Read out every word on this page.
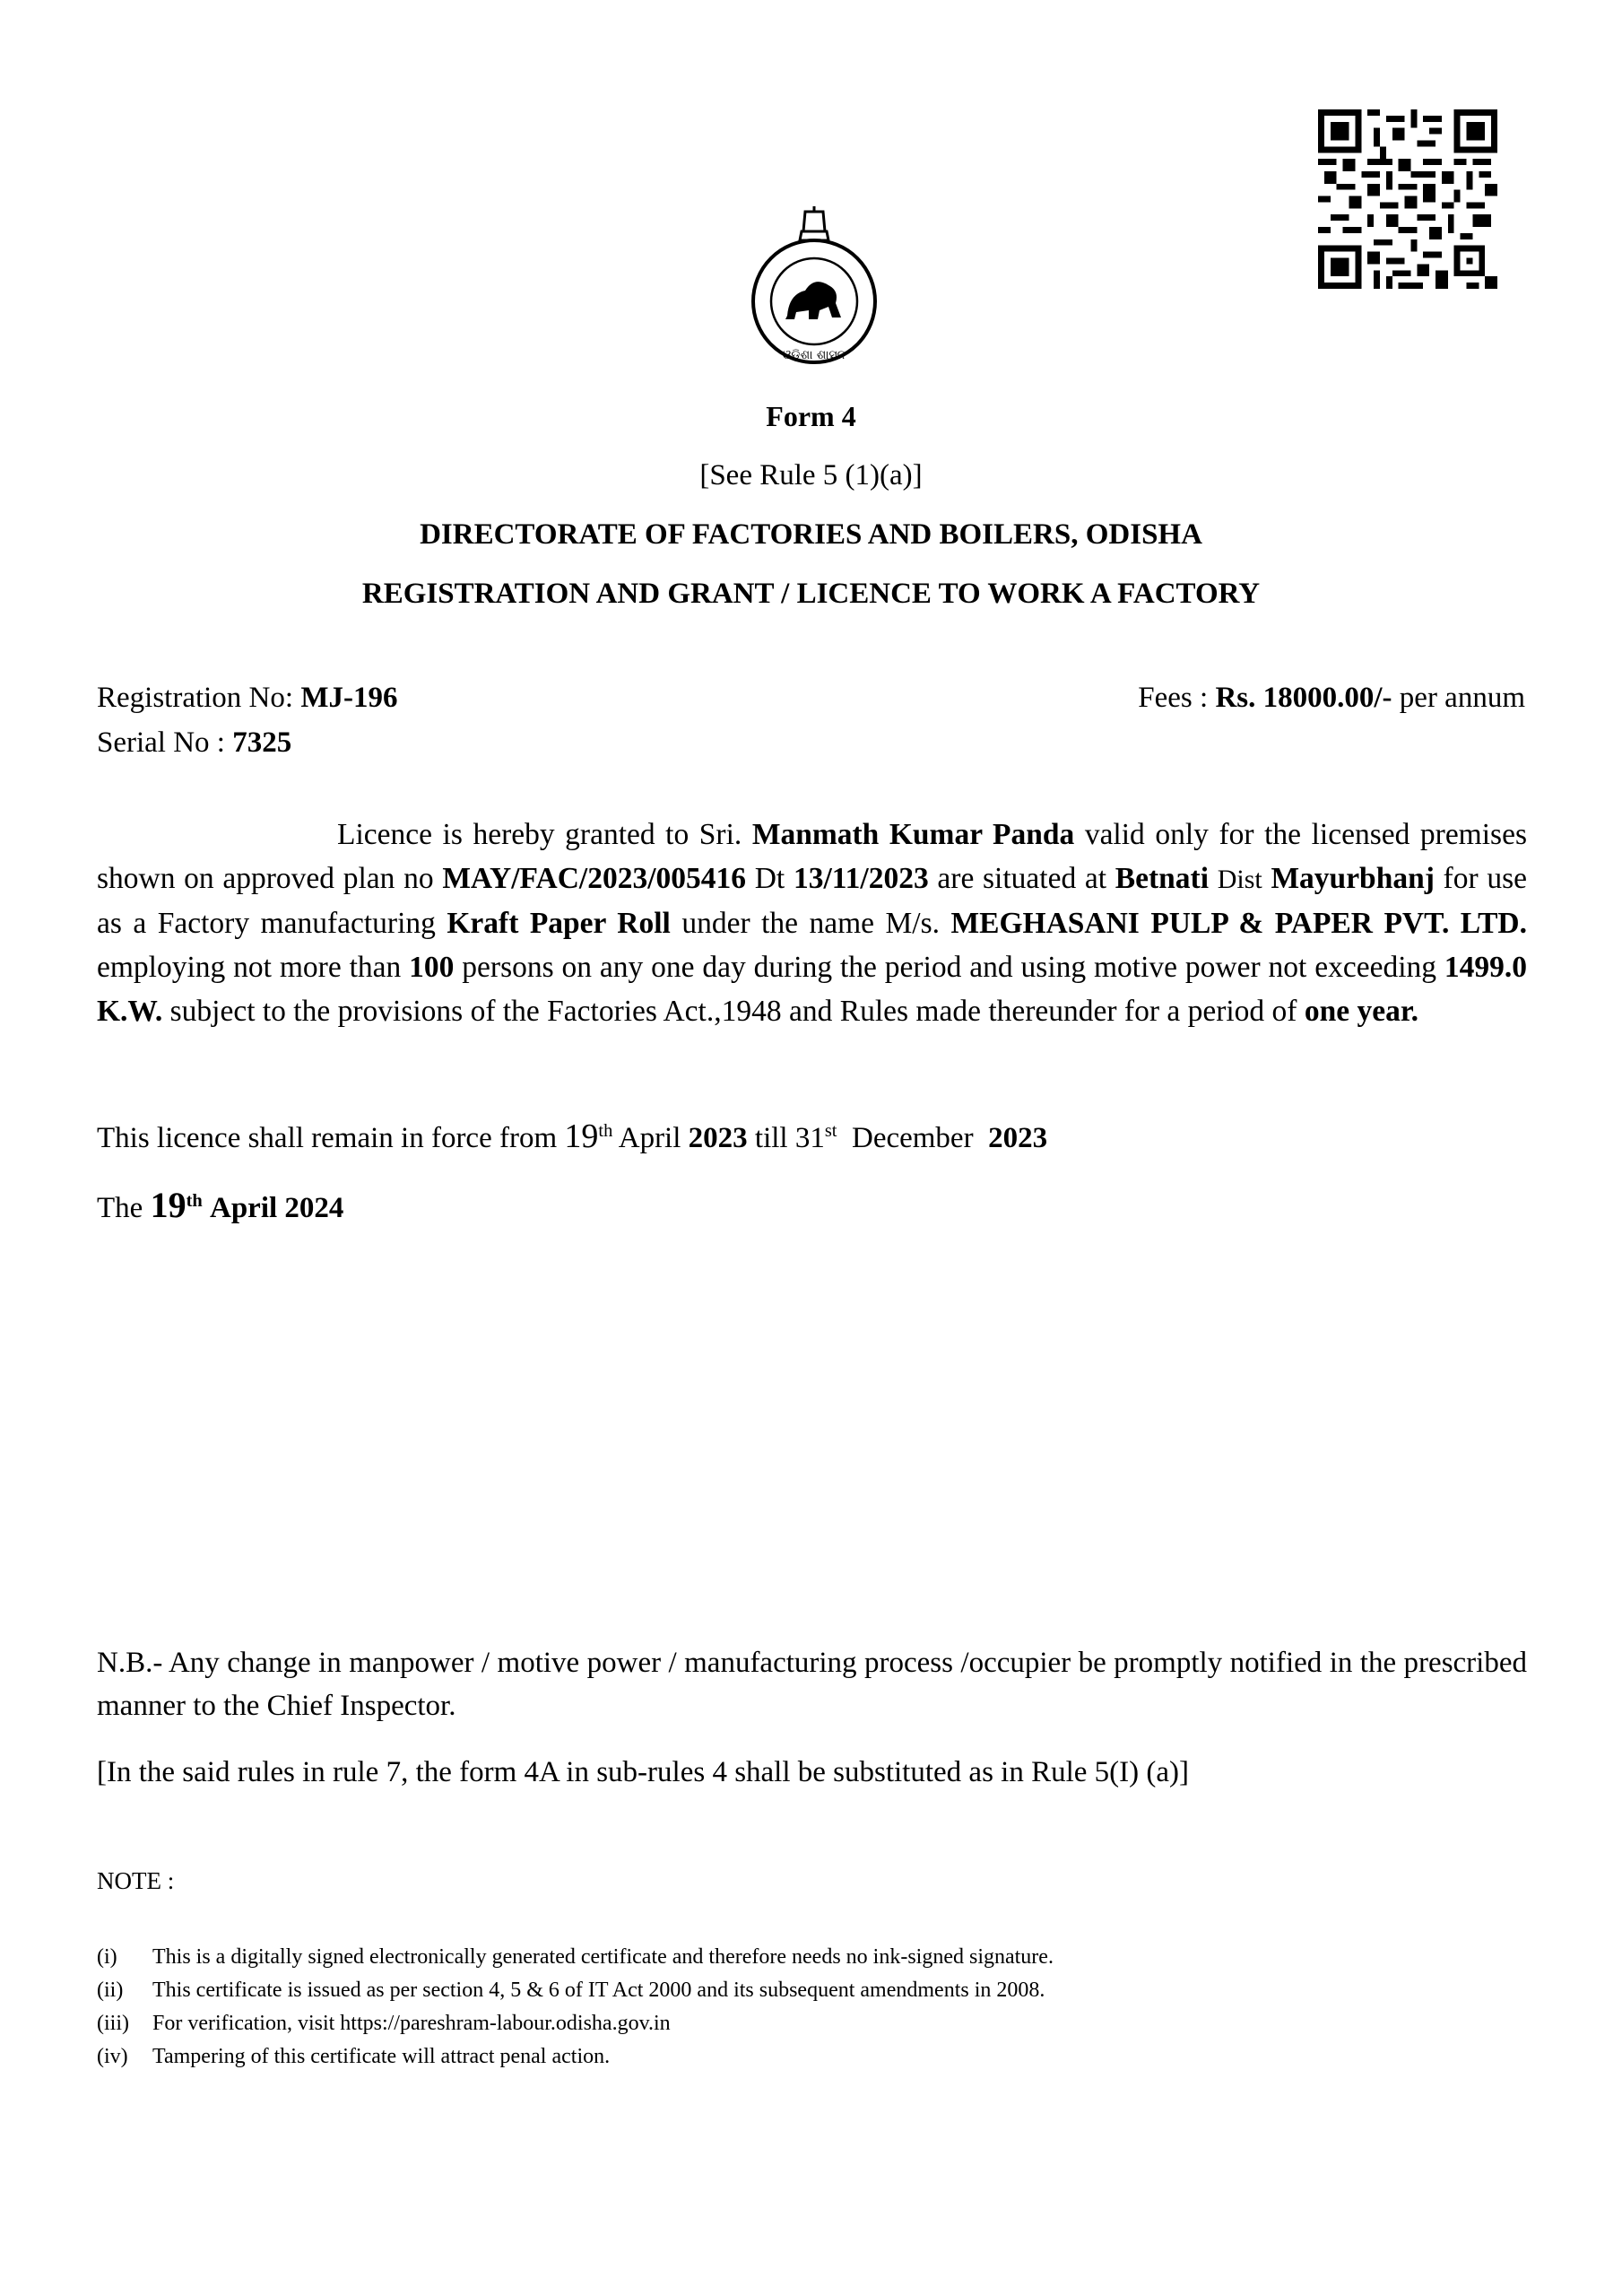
ଓଡ଼ିଶା ଶାସନ
Form 4
[See Rule 5 (1)(a)]
DIRECTORATE OF FACTORIES AND BOILERS, ODISHA
REGISTRATION AND GRANT / LICENCE TO WORK A FACTORY
Registration No: MJ-196
Serial No : 7325
Fees : Rs. 18000.00/- per annum
Licence is hereby granted to Sri. Manmath Kumar Panda valid only for the licensed premises shown on approved plan no MAY/FAC/2023/005416 Dt 13/11/2023 are situated at Betnati Dist Mayurbhanj for use as a Factory manufacturing Kraft Paper Roll under the name M/s. MEGHASANI PULP & PAPER PVT. LTD. employing not more than 100 persons on any one day during the period and using motive power not exceeding 1499.0 K.W. subject to the provisions of the Factories Act.,1948 and Rules made thereunder for a period of one year.
This licence shall remain in force from 19th April 2023 till 31st December 2023
The 19th April 2024
N.B.- Any change in manpower / motive power / manufacturing process /occupier be promptly notified in the prescribed manner to the Chief Inspector.
[In the said rules in rule 7, the form 4A in sub-rules 4 shall be substituted as in Rule 5(I) (a)]
NOTE :
(i)	This is a digitally signed electronically generated certificate and therefore needs no ink-signed signature.
(ii)	This certificate is issued as per section 4, 5 & 6 of IT Act 2000 and its subsequent amendments in 2008.
(iii)	For verification, visit https://pareshram-labour.odisha.gov.in
(iv)	Tampering of this certificate will attract penal action.
